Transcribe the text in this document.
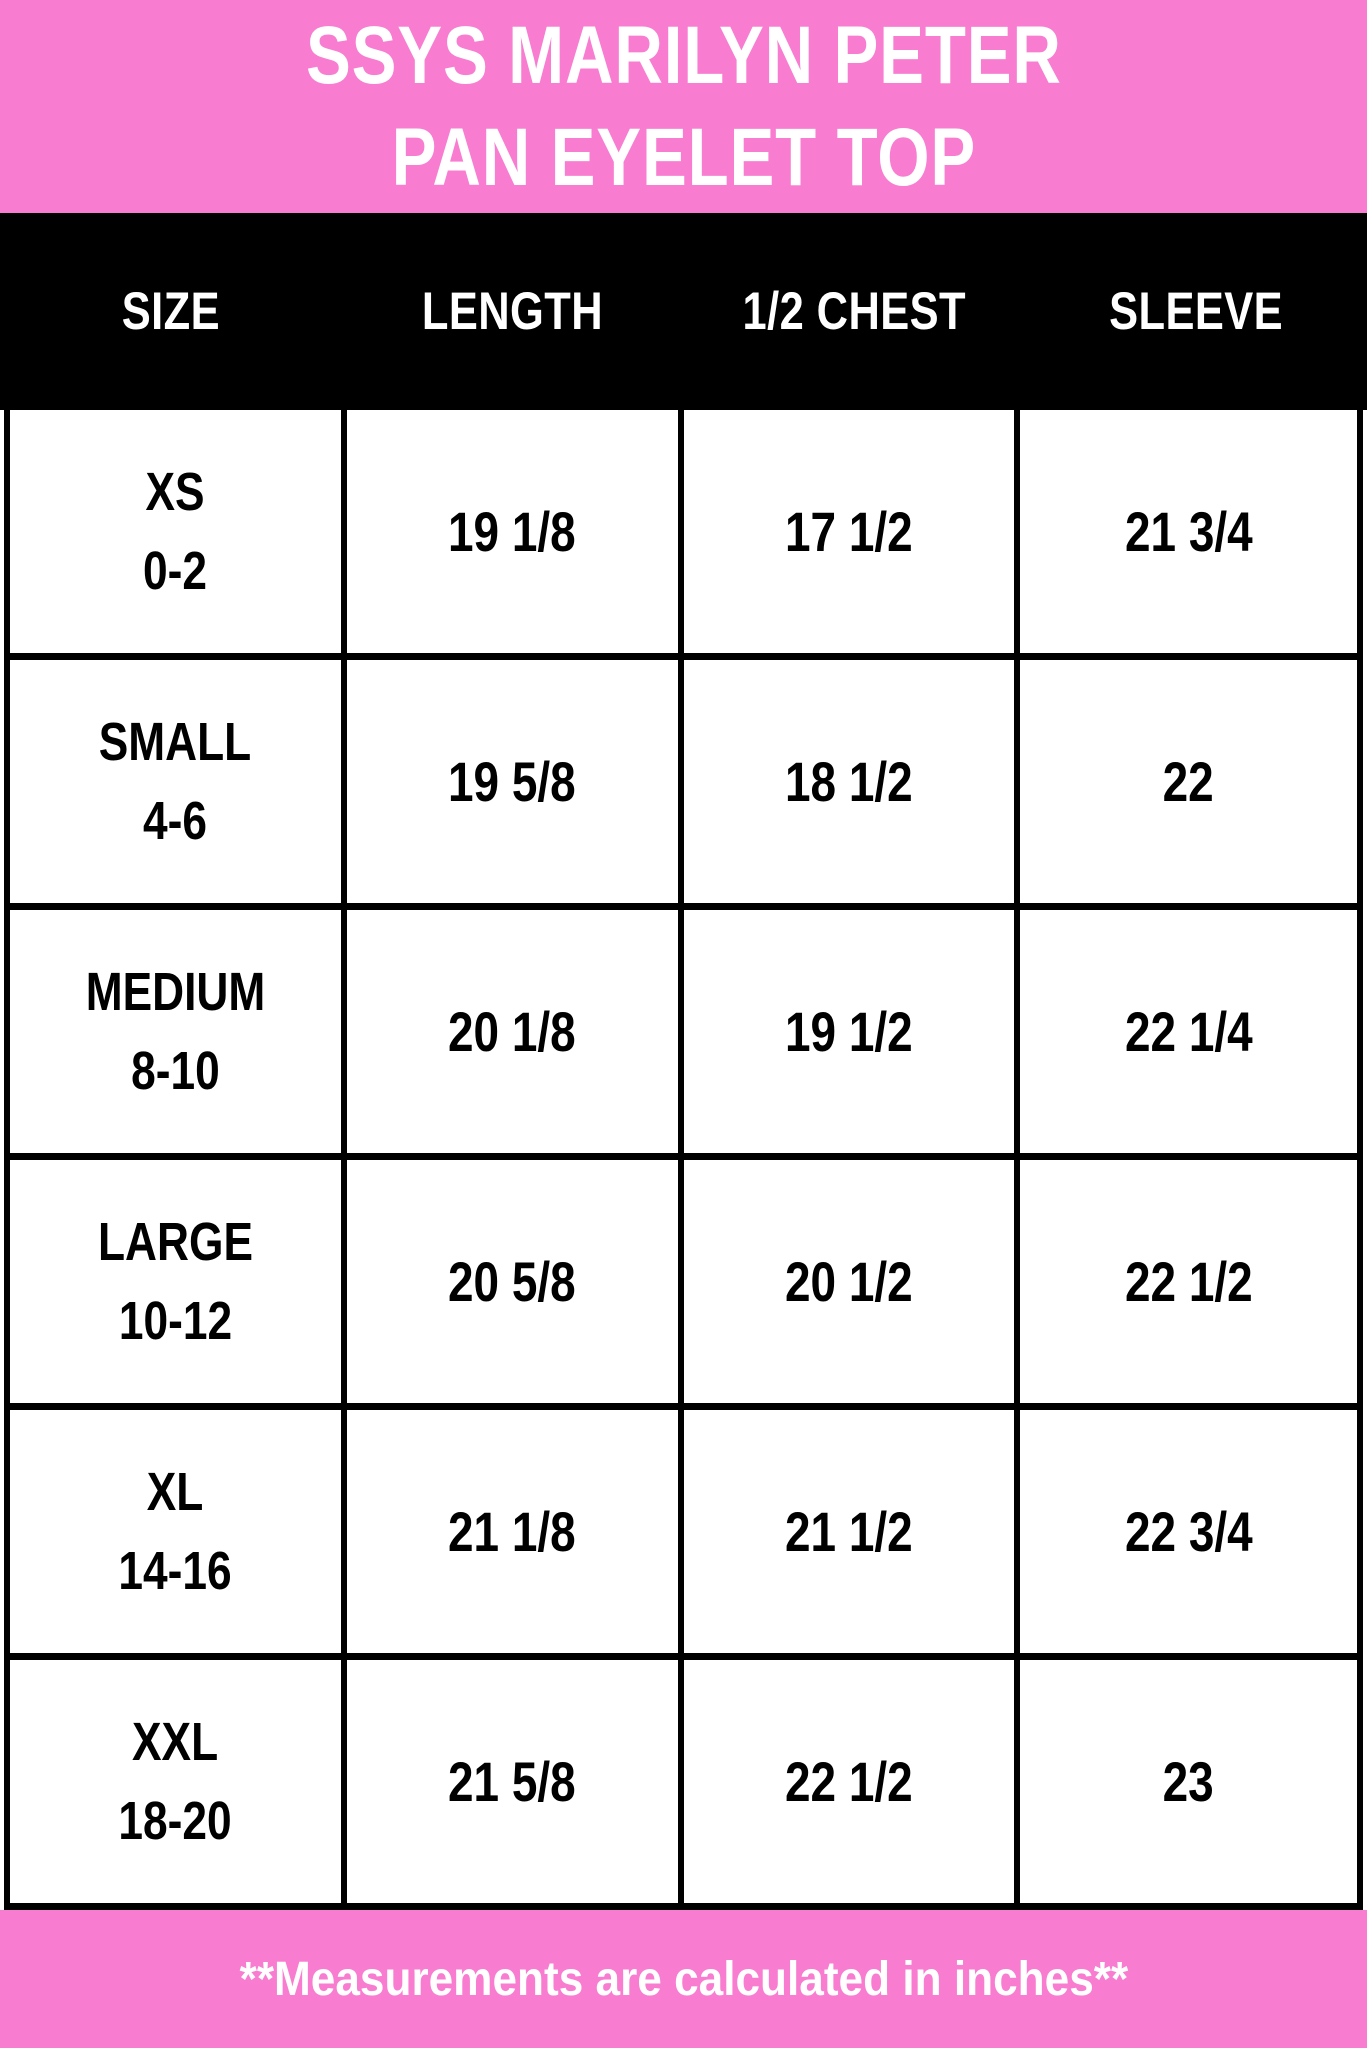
SSYS MARILYN PETER
PAN EYELET TOP
SIZE	LENGTH	1/2 CHEST	SLEEVE
XS
0-2
19 1/8	17 1/2	21 3/4
SMALL
4-6
19 5/8	18 1/2	22
MEDIUM
8-10
20 1/8	19 1/2	22 1/4
LARGE
10-12
20 5/8	20 1/2	22 1/2
XL
14-16
21 1/8	21 1/2	22 3/4
XXL
18-20
21 5/8	22 1/2	23
**Measurements are calculated in inches**
